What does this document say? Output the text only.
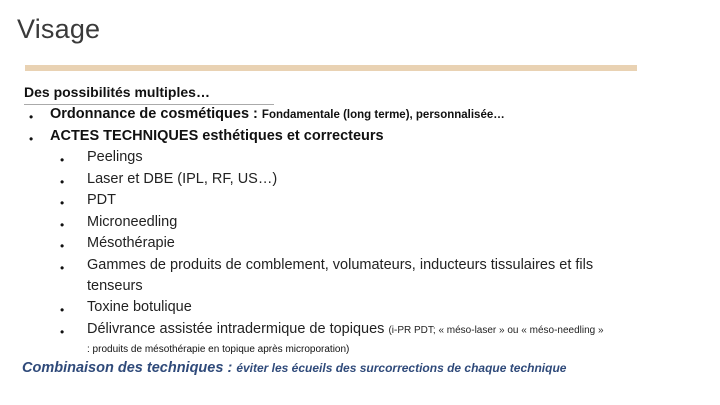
Visage
Des possibilités multiples…
• Ordonnance de cosmétiques : Fondamentale (long terme), personnalisée…
• ACTES TECHNIQUES esthétiques et correcteurs
• Peelings
• Laser et DBE (IPL, RF, US…)
• PDT
• Microneedling
• Mésothérapie
• Gammes de produits de comblement, volumateurs, inducteurs tissulaires et fils
tenseurs
• Toxine botulique
• Délivrance assistée intradermique de topiques (i-PR PDT; « méso-laser » ou « méso-needling »
: produits de mésothérapie en topique après microporation)
Combinaison des techniques : éviter les écueils des surcorrections de chaque technique
